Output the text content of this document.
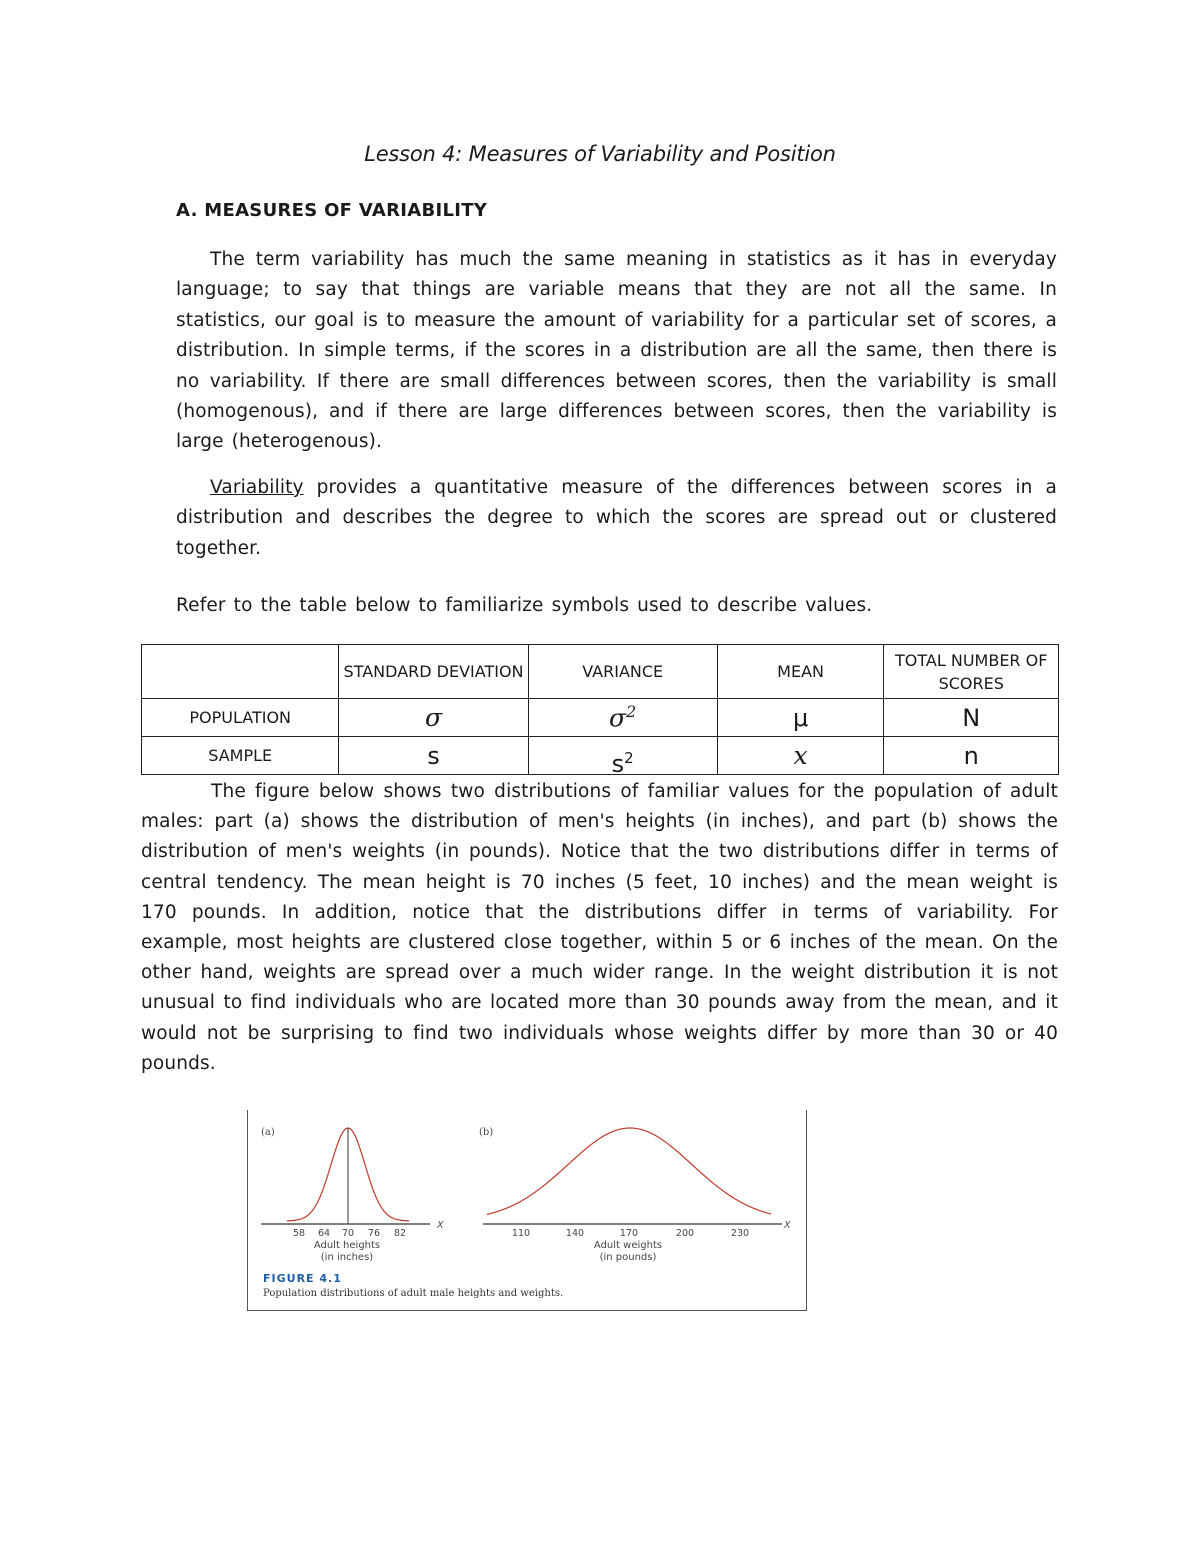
Lesson 4: Measures of Variability and Position
A. MEASURES OF VARIABILITY
The term variability has much the same meaning in statistics as it has in everyday language; to say that things are variable means that they are not all the same. In statistics, our goal is to measure the amount of variability for a particular set of scores, a distribution. In simple terms, if the scores in a distribution are all the same, then there is no variability. If there are small differences between scores, then the variability is small (homogenous), and if there are large differences between scores, then the variability is large (heterogenous).
Variability provides a quantitative measure of the differences between scores in a distribution and describes the degree to which the scores are spread out or clustered together.
Refer to the table below to familiarize symbols used to describe values.
	STANDARD DEVIATION	VARIANCE	MEAN	TOTAL NUMBER OF SCORES
POPULATION	σ	$\sigma^2$	μ	N
SAMPLE	s	$s^2$	x	n
The figure below shows two distributions of familiar values for the population of adult males: part (a) shows the distribution of men's heights (in inches), and part (b) shows the distribution of men's weights (in pounds). Notice that the two distributions differ in terms of central tendency. The mean height is 70 inches (5 feet, 10 inches) and the mean weight is 170 pounds. In addition, notice that the distributions differ in terms of variability. For example, most heights are clustered close together, within 5 or 6 inches of the mean. On the other hand, weights are spread over a much wider range. In the weight distribution it is not unusual to find individuals who are located more than 30 pounds away from the mean, and it would not be surprising to find two individuals whose weights differ by more than 30 or 40 pounds.
(a)
58 64 70 76 82
X
Adult heights
(in inches)
(b)
110	140	170	200	230
X
Adult weights
(in pounds)
FIGURE 4.1
Population distributions of adult male heights and weights.
